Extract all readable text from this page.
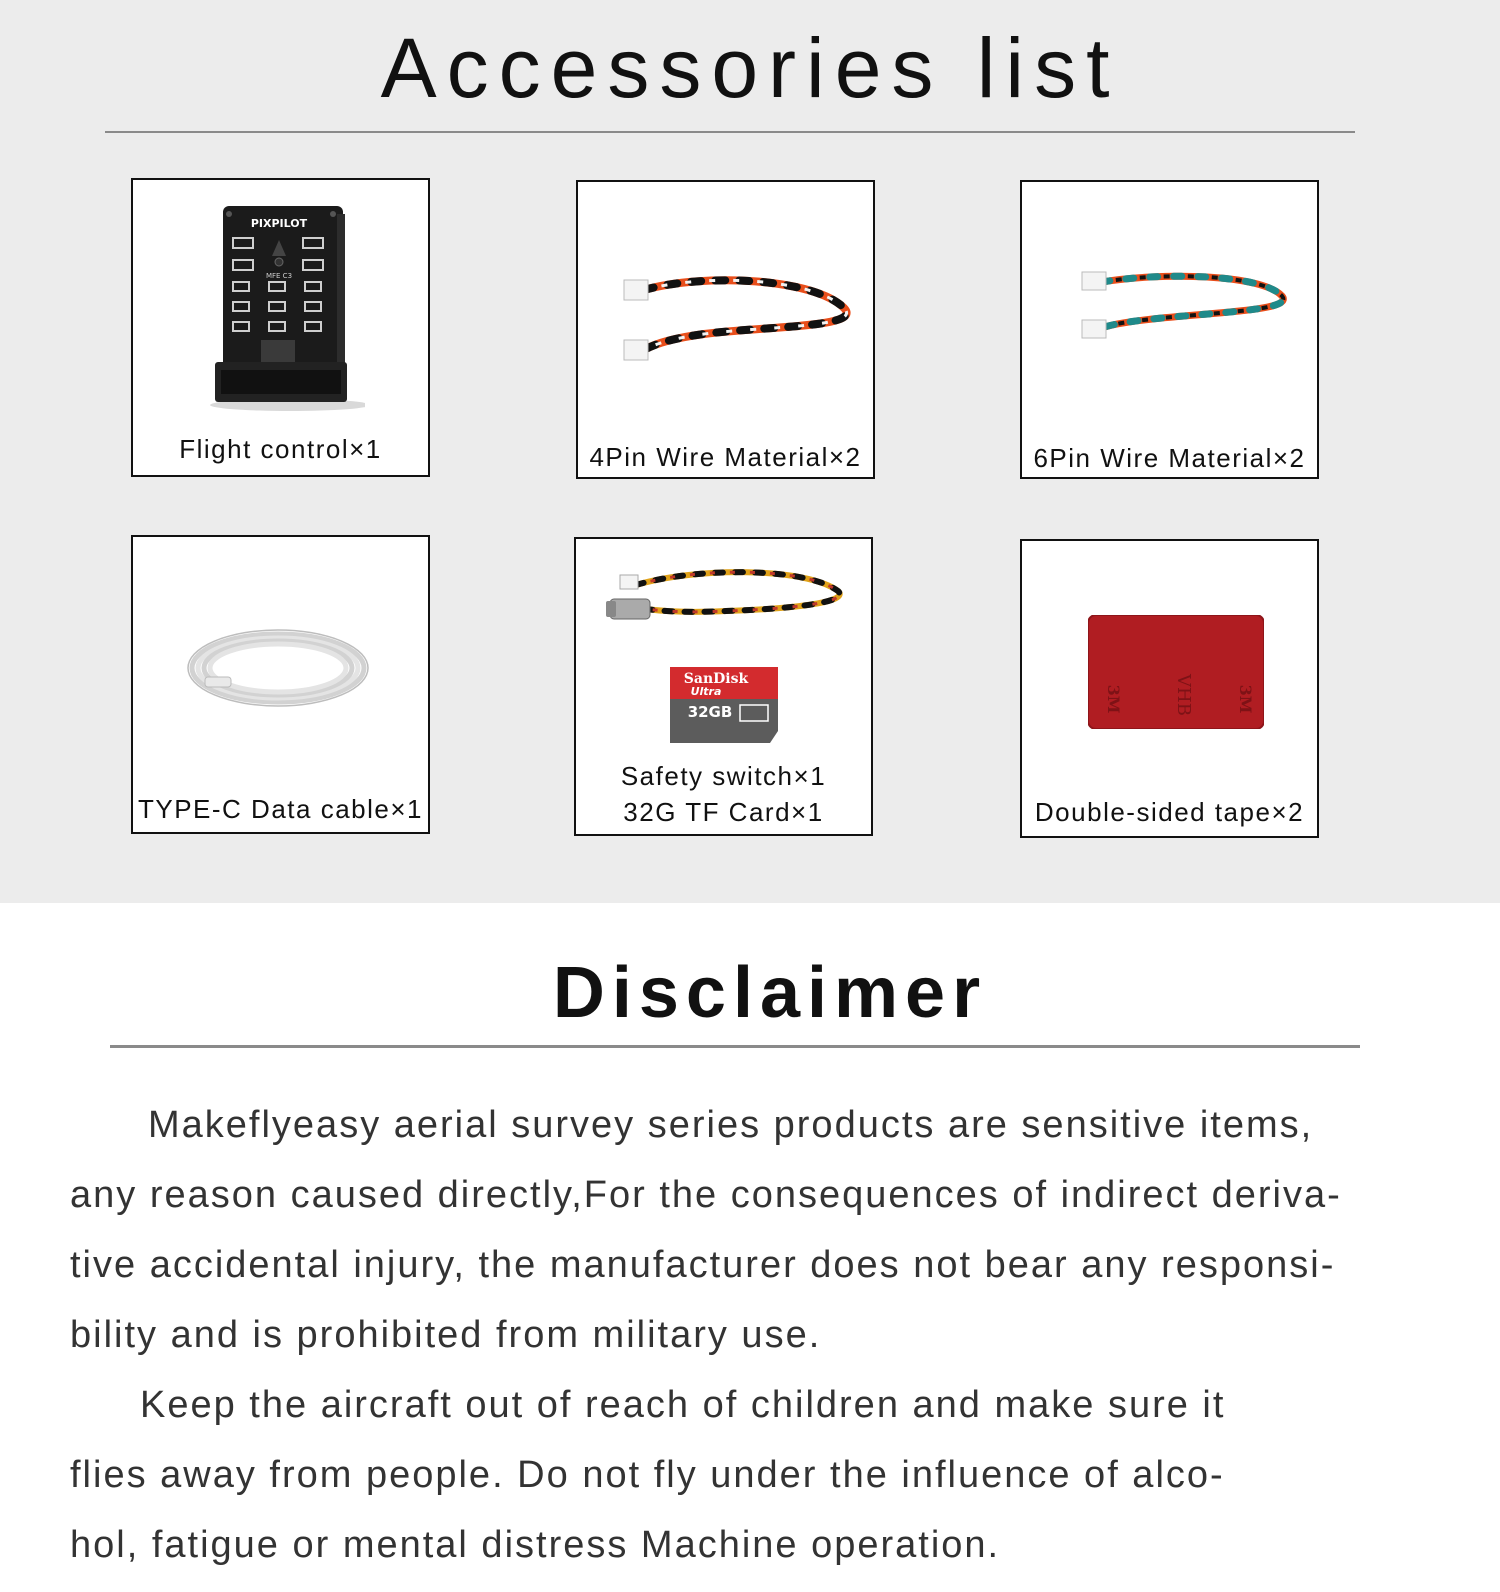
Accessories list
PIXPILOT
MFE C3
Flight control×1	4Pin Wire Material×2	6Pin Wire Material×2
TYPE-C Data cable×1
SanDisk
Ultra
32GB
Safety switch×1
32G TF Card×1
3M	VHB	3M
Double-sided tape×2
Disclaimer

Makeflyeasy aerial survey series products are sensitive items,

any reason caused directly,For the consequences of indirect deriva-

tive accidental injury, the manufacturer does not bear any responsi-

bility and is prohibited from military use.

Keep the aircraft out of reach of children and make sure it

flies away from people. Do not fly under the influence of alco-

hol, fatigue or mental distress Machine operation.
